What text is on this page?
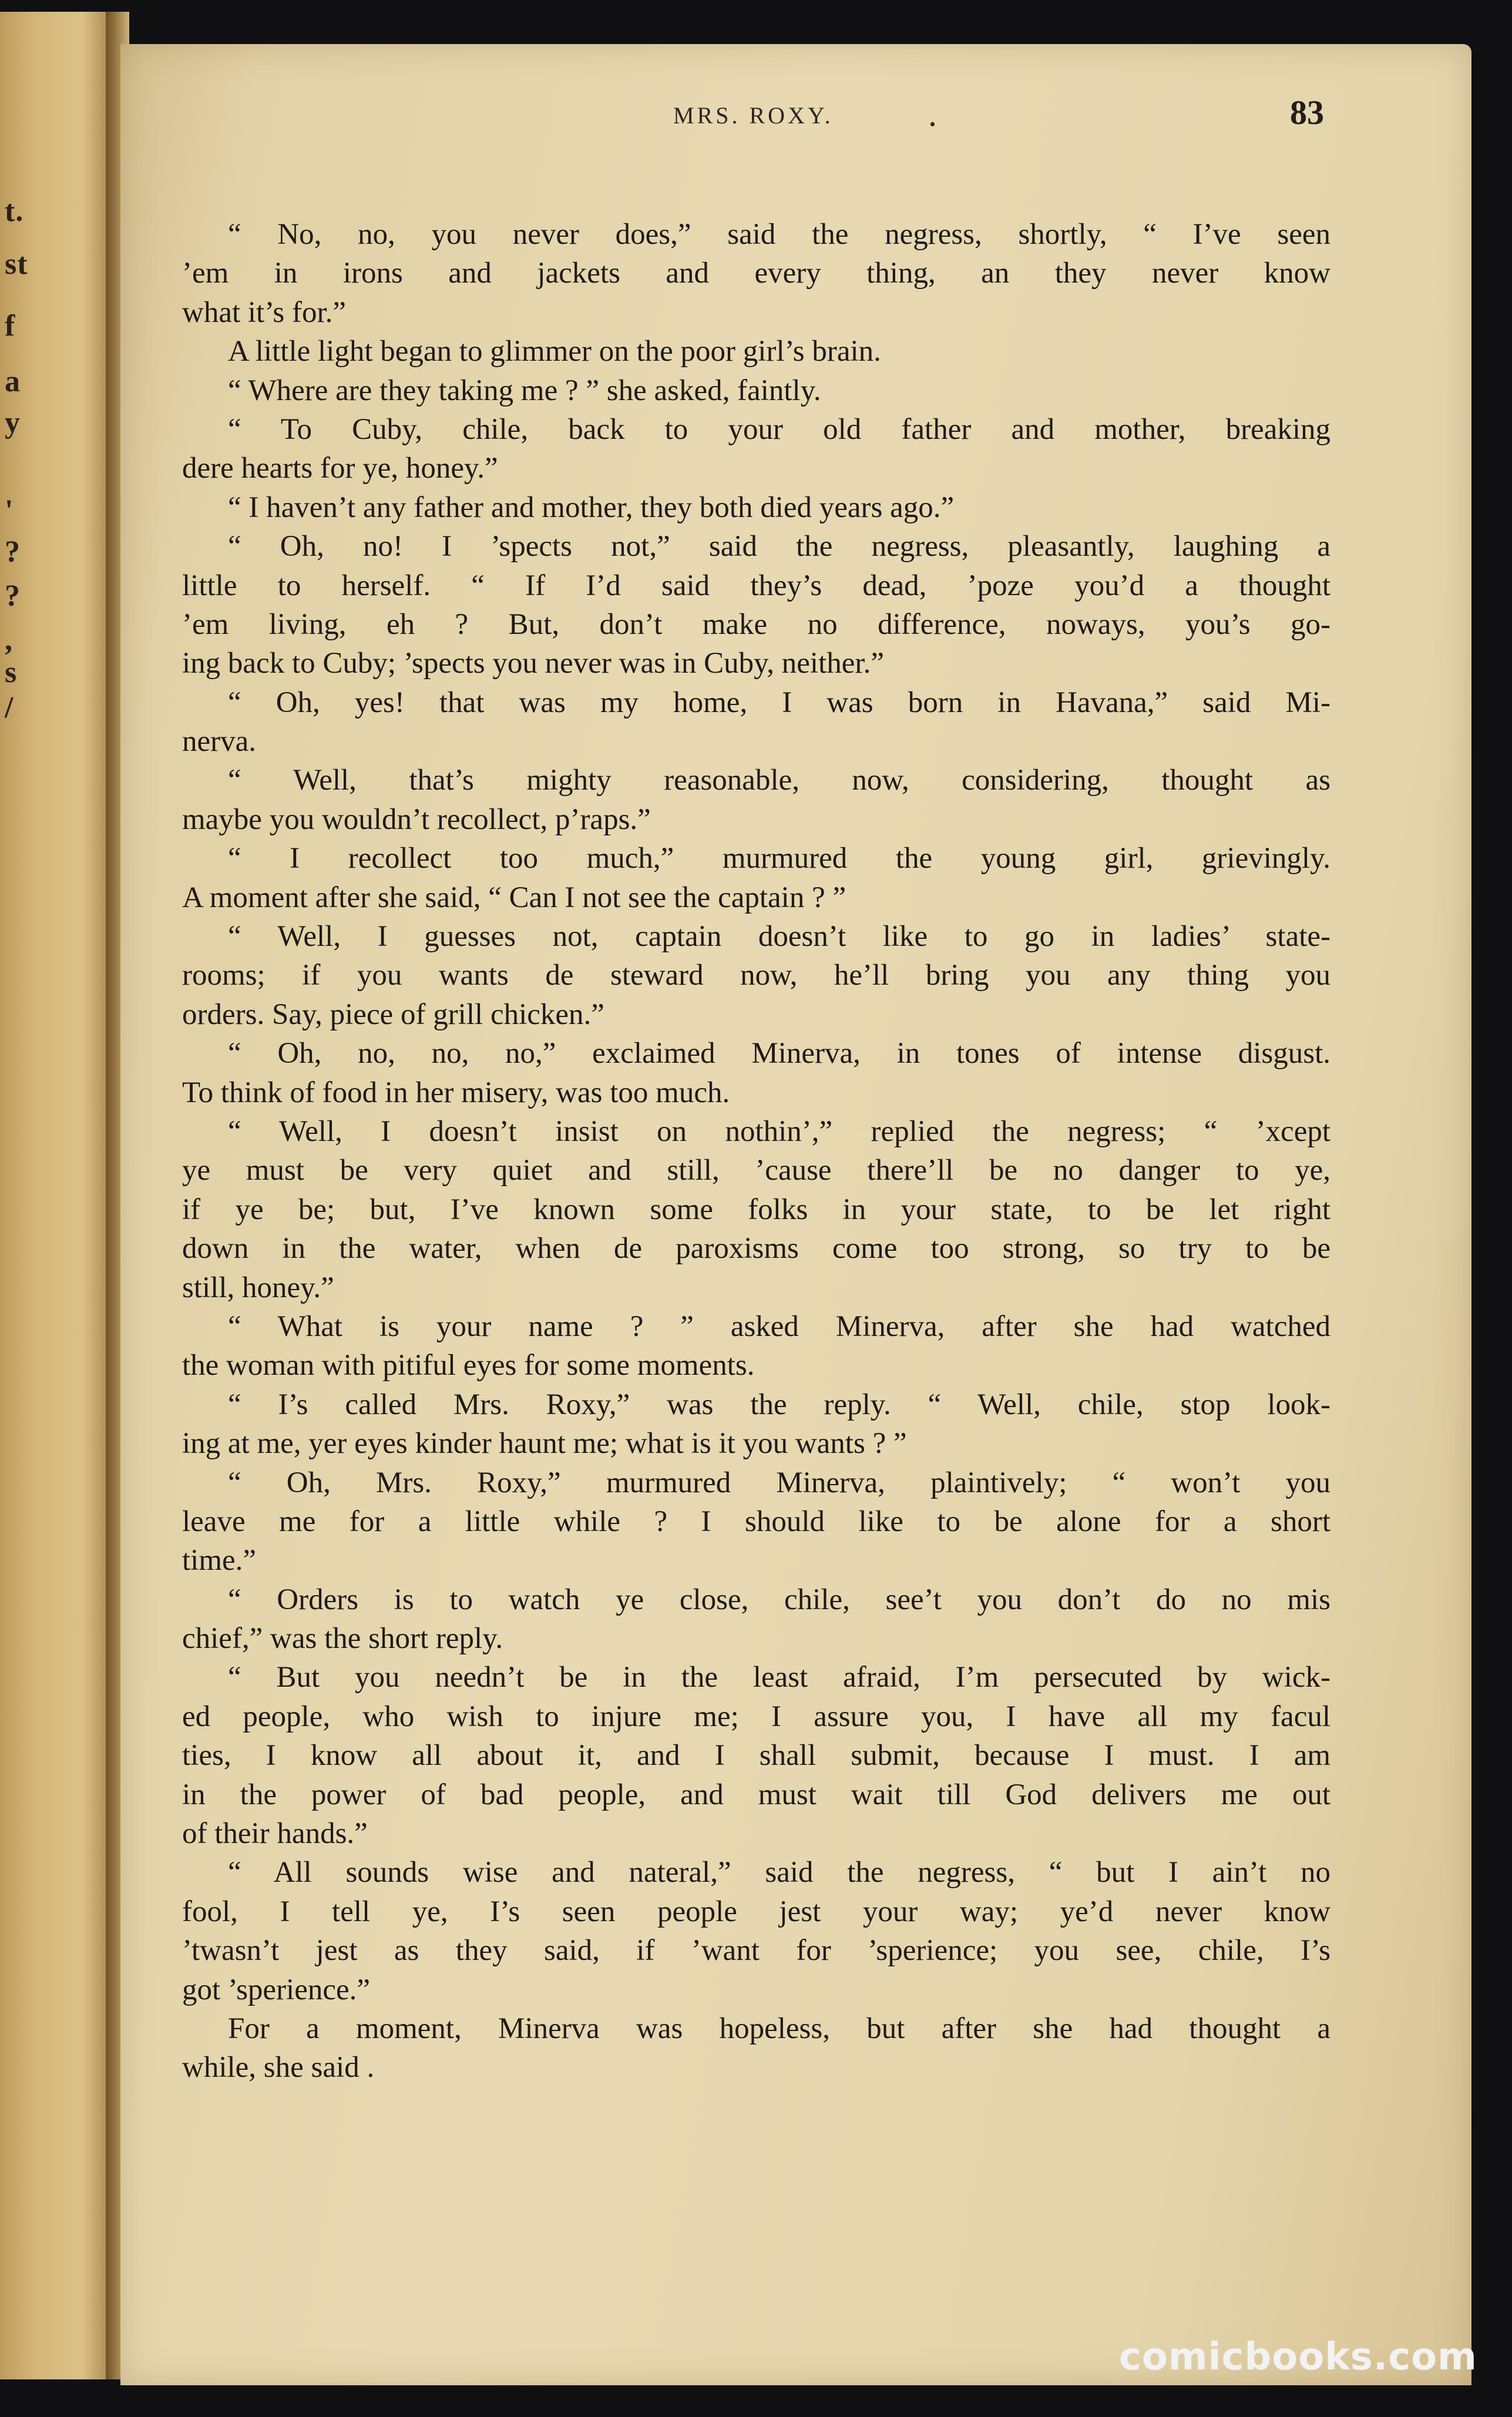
t.
st
f
a
y
'
?
?
,
s
/
MRS. ROXY.	.	83
“ No, no, you never does,” said the negress, shortly, “ I’ve seen
’em in irons and jackets and every thing, an they never know
what it’s for.”
A little light began to glimmer on the poor girl’s brain.
“ Where are they taking me ? ” she asked, faintly.
“ To Cuby, chile, back to your old father and mother, breaking
dere hearts for ye, honey.”
“ I haven’t any father and mother, they both died years ago.”
“ Oh, no! I ’spects not,” said the negress, pleasantly, laughing a
little to herself. “ If I’d said they’s dead, ’poze you’d a thought
’em living, eh ? But, don’t make no difference, noways, you’s go-
ing back to Cuby; ’spects you never was in Cuby, neither.”
“ Oh, yes! that was my home, I was born in Havana,” said Mi-
nerva.
“ Well, that’s mighty reasonable, now, considering, thought as
maybe you wouldn’t recollect, p’raps.”
“ I recollect too much,” murmured the young girl, grievingly.
A moment after she said, “ Can I not see the captain ? ”
“ Well, I guesses not, captain doesn’t like to go in ladies’ state-
rooms; if you wants de steward now, he’ll bring you any thing you
orders. Say, piece of grill chicken.”
“ Oh, no, no, no,” exclaimed Minerva, in tones of intense disgust.
To think of food in her misery, was too much.
“ Well, I doesn’t insist on nothin’,” replied the negress; “ ’xcept
ye must be very quiet and still, ’cause there’ll be no danger to ye,
if ye be; but, I’ve known some folks in your state, to be let right
down in the water, when de paroxisms come too strong, so try to be
still, honey.”
“ What is your name ? ” asked Minerva, after she had watched
the woman with pitiful eyes for some moments.
“ I’s called Mrs. Roxy,” was the reply. “ Well, chile, stop look-
ing at me, yer eyes kinder haunt me; what is it you wants ? ”
“ Oh, Mrs. Roxy,” murmured Minerva, plaintively; “ won’t you
leave me for a little while ? I should like to be alone for a short
time.”
“ Orders is to watch ye close, chile, see’t you don’t do no mis
chief,” was the short reply.
“ But you needn’t be in the least afraid, I’m persecuted by wick-
ed people, who wish to injure me; I assure you, I have all my facul
ties, I know all about it, and I shall submit, because I must. I am
in the power of bad people, and must wait till God delivers me out
of their hands.”
“ All sounds wise and nateral,” said the negress, “ but I ain’t no
fool, I tell ye, I’s seen people jest your way; ye’d never know
’twasn’t jest as they said, if ’want for ’sperience; you see, chile, I’s
got ’sperience.”
For a moment, Minerva was hopeless, but after she had thought a
while, she said .
comicbooks.com
